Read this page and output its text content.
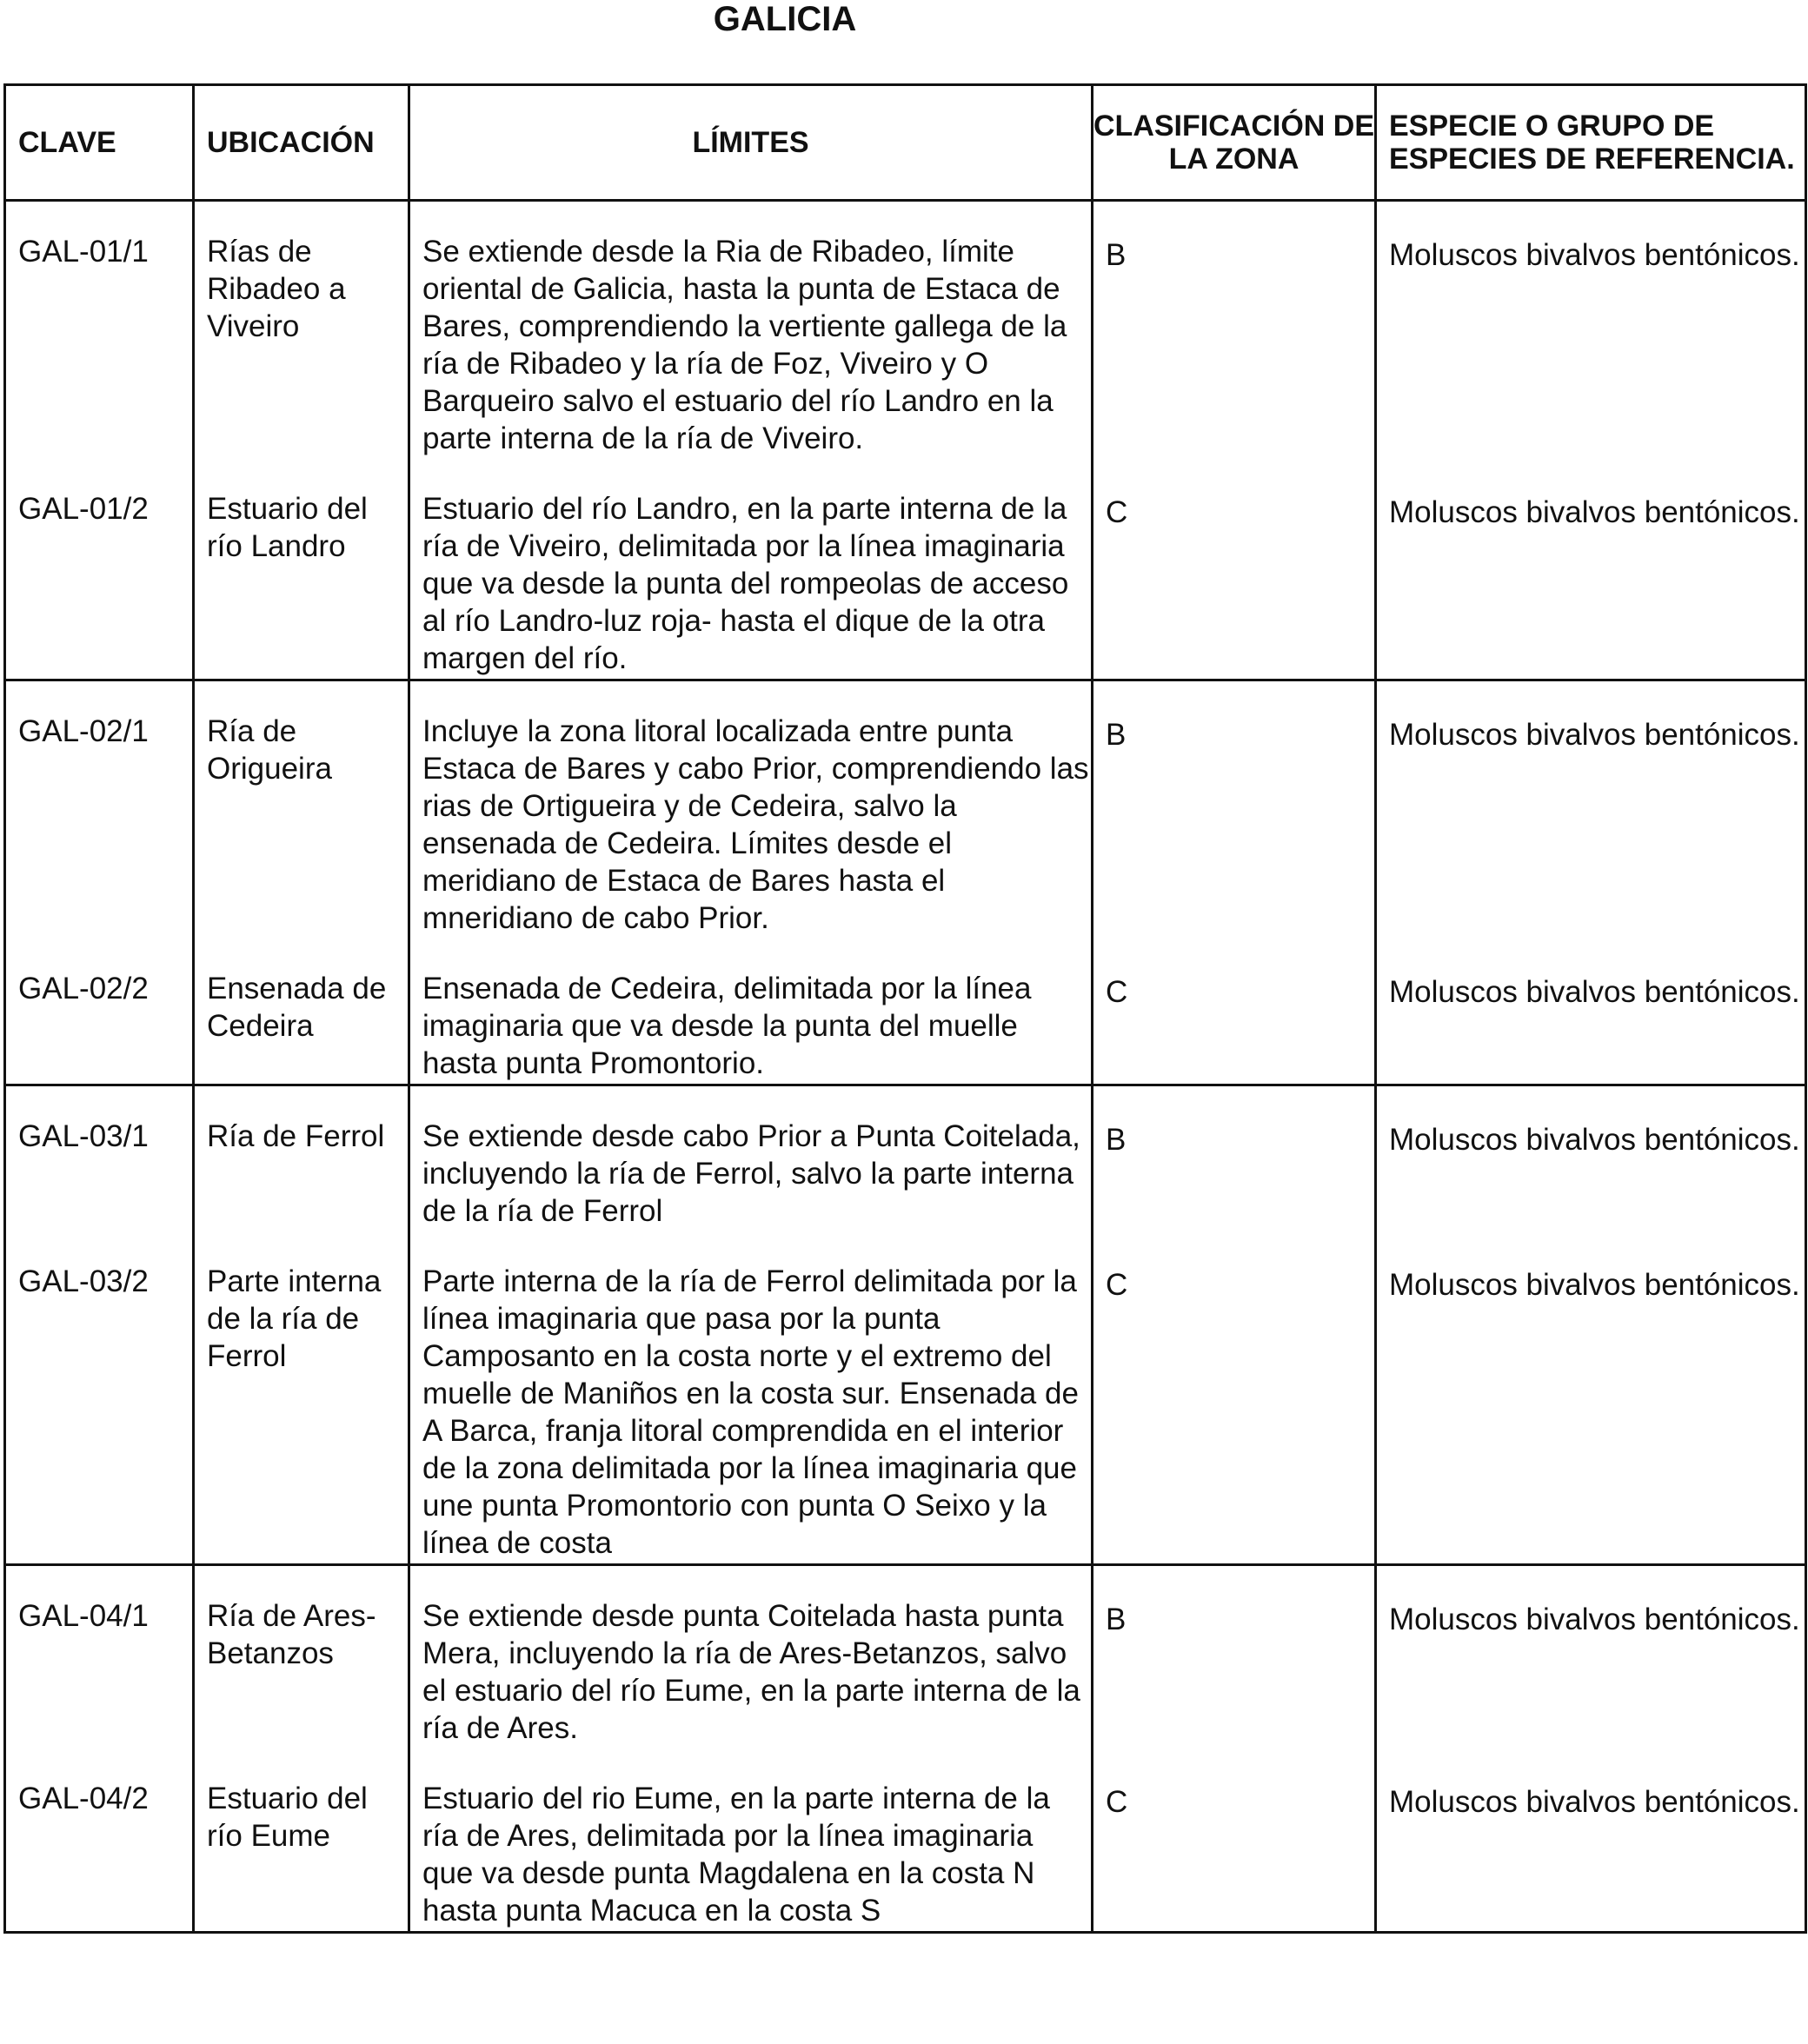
GALICIA
CLAVE	UBICACIÓN	LÍMITES	CLASIFICACIÓN DE LA ZONA	ESPECIE O GRUPO DE ESPECIES DE REFERENCIA.
GAL-01/1	Rías de Ribadeo a Viveiro	Se extiende desde la Ria de Ribadeo, límite oriental de Galicia, hasta la punta de Estaca de Bares, comprendiendo la vertiente gallega de la ría de Ribadeo y la ría de Foz, Viveiro y O Barqueiro salvo el estuario del río Landro en la parte interna de la ría de Viveiro.	B	Moluscos bivalvos bentónicos.
GAL-01/2	Estuario del río Landro	Estuario del río Landro, en la parte interna de la ría de Viveiro, delimitada por la línea imaginaria que va desde la punta del rompeolas de acceso al río Landro-luz roja- hasta el dique de la otra margen del río.	C	Moluscos bivalvos bentónicos.
GAL-02/1	Ría de Origueira	Incluye la zona litoral localizada entre punta Estaca de Bares y cabo Prior, comprendiendo las rias de Ortigueira y de Cedeira, salvo la ensenada de Cedeira. Límites desde el meridiano de Estaca de Bares hasta el mneridiano de cabo Prior.	B	Moluscos bivalvos bentónicos.
GAL-02/2	Ensenada de Cedeira	Ensenada de Cedeira, delimitada por la línea imaginaria que va desde la punta del muelle hasta punta Promontorio.	C	Moluscos bivalvos bentónicos.
GAL-03/1	Ría de Ferrol	Se extiende desde cabo Prior a Punta Coitelada, incluyendo la ría de Ferrol, salvo la parte interna de la ría de Ferrol	B	Moluscos bivalvos bentónicos.
GAL-03/2	Parte interna de la ría de Ferrol	Parte interna de la ría de Ferrol delimitada por la línea imaginaria que pasa por la punta Camposanto en la costa norte y el extremo del muelle de Maniños en la costa sur. Ensenada de A Barca, franja litoral comprendida en el interior de la zona delimitada por la línea imaginaria que une punta Promontorio con punta O Seixo y la línea de costa	C	Moluscos bivalvos bentónicos.
GAL-04/1	Ría de Ares-Betanzos	Se extiende desde punta Coitelada hasta punta Mera, incluyendo la ría de Ares-Betanzos, salvo el estuario del río Eume, en la parte interna de la ría de Ares.	B	Moluscos bivalvos bentónicos.
GAL-04/2	Estuario del río Eume	Estuario del rio Eume, en la parte interna de la ría de Ares, delimitada por la línea imaginaria que va desde punta Magdalena en la costa N hasta punta Macuca en la costa S	C	Moluscos bivalvos bentónicos.
